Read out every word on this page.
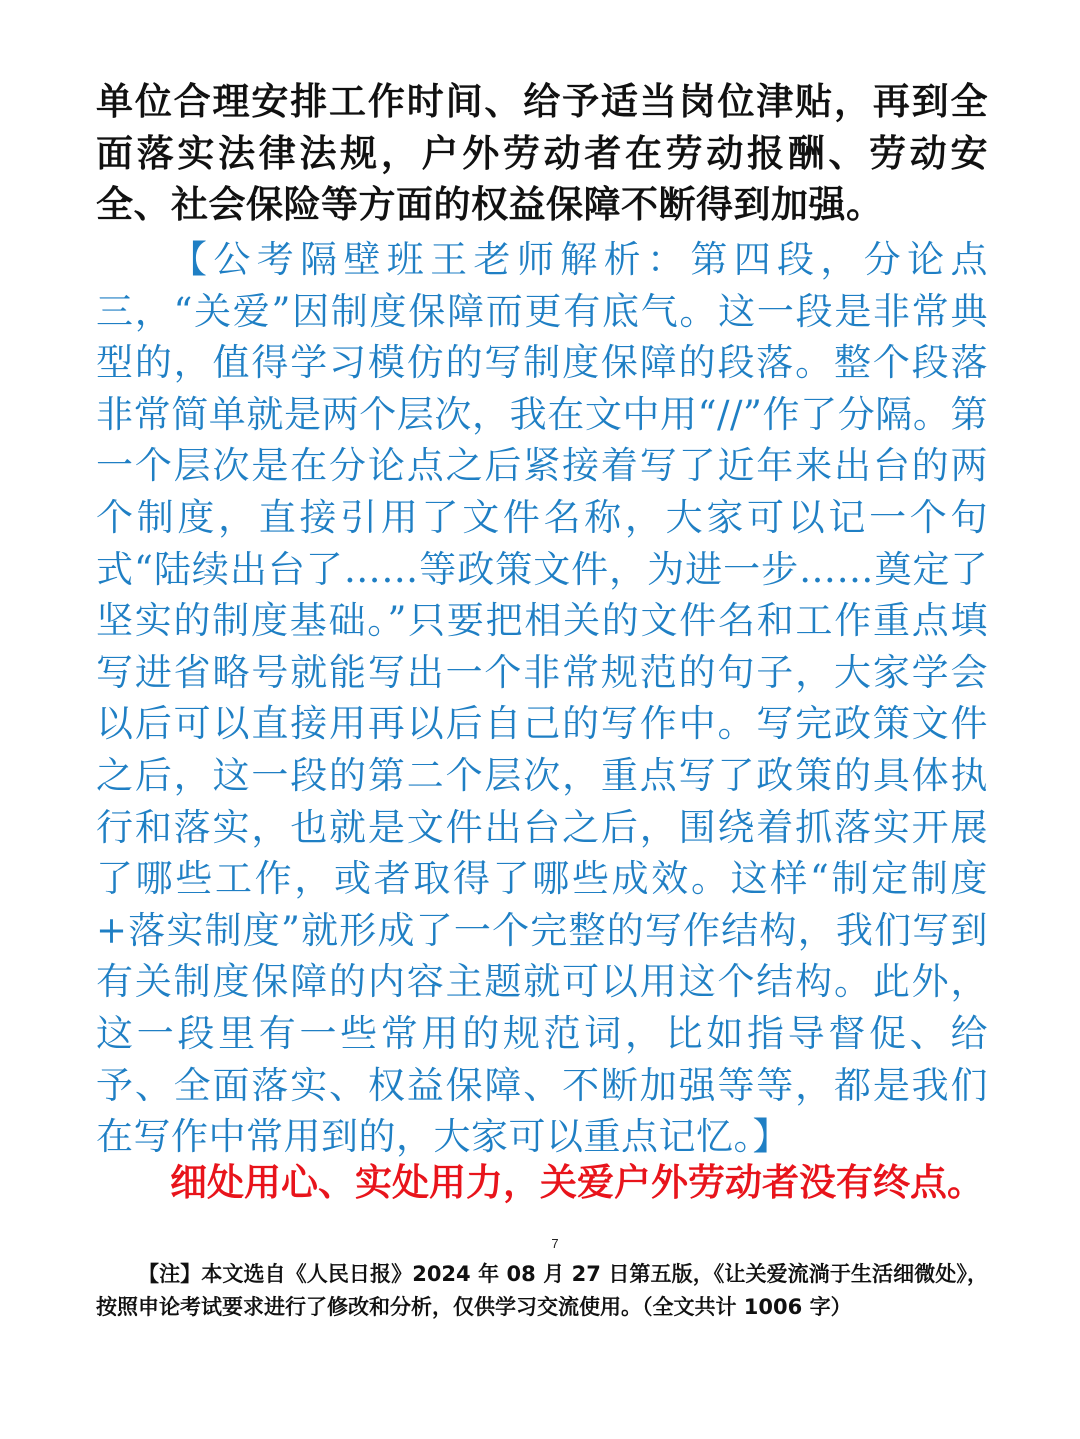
单位合理安排工作时间、给予适当岗位津贴，再到全面落实法律法规，户外劳动者在劳动报酬、劳动安全、社会保险等方面的权益保障不断得到加强。

【公考隔壁班王老师解析：第四段，分论点三，“关爱”因制度保障而更有底气。这一段是非常典型的，值得学习模仿的写制度保障的段落。整个段落非常简单就是两个层次，我在文中用“//”作了分隔。第一个层次是在分论点之后紧接着写了近年来出台的两个制度，直接引用了文件名称，大家可以记一个句式“陆续出台了……等政策文件，为进一步……奠定了坚实的制度基础。”只要把相关的文件名和工作重点填写进省略号就能写出一个非常规范的句子，大家学会以后可以直接用再以后自己的写作中。写完政策文件之后，这一段的第二个层次，重点写了政策的具体执行和落实，也就是文件出台之后，围绕着抓落实开展了哪些工作，或者取得了哪些成效。这样“制定制度+落实制度”就形成了一个完整的写作结构，我们写到有关制度保障的内容主题就可以用这个结构。此外，这一段里有一些常用的规范词，比如指导督促、给予、全面落实、权益保障、不断加强等等，都是我们在写作中常用到的，大家可以重点记忆。】

细处用心、实处用力，关爱户外劳动者没有终点。

7

【注】本文选自《人民日报》2024 年 08 月 27 日第五版，《让关爱流淌于生活细微处》，按照申论考试要求进行了修改和分析，仅供学习交流使用。（全文共计 1006 字）
